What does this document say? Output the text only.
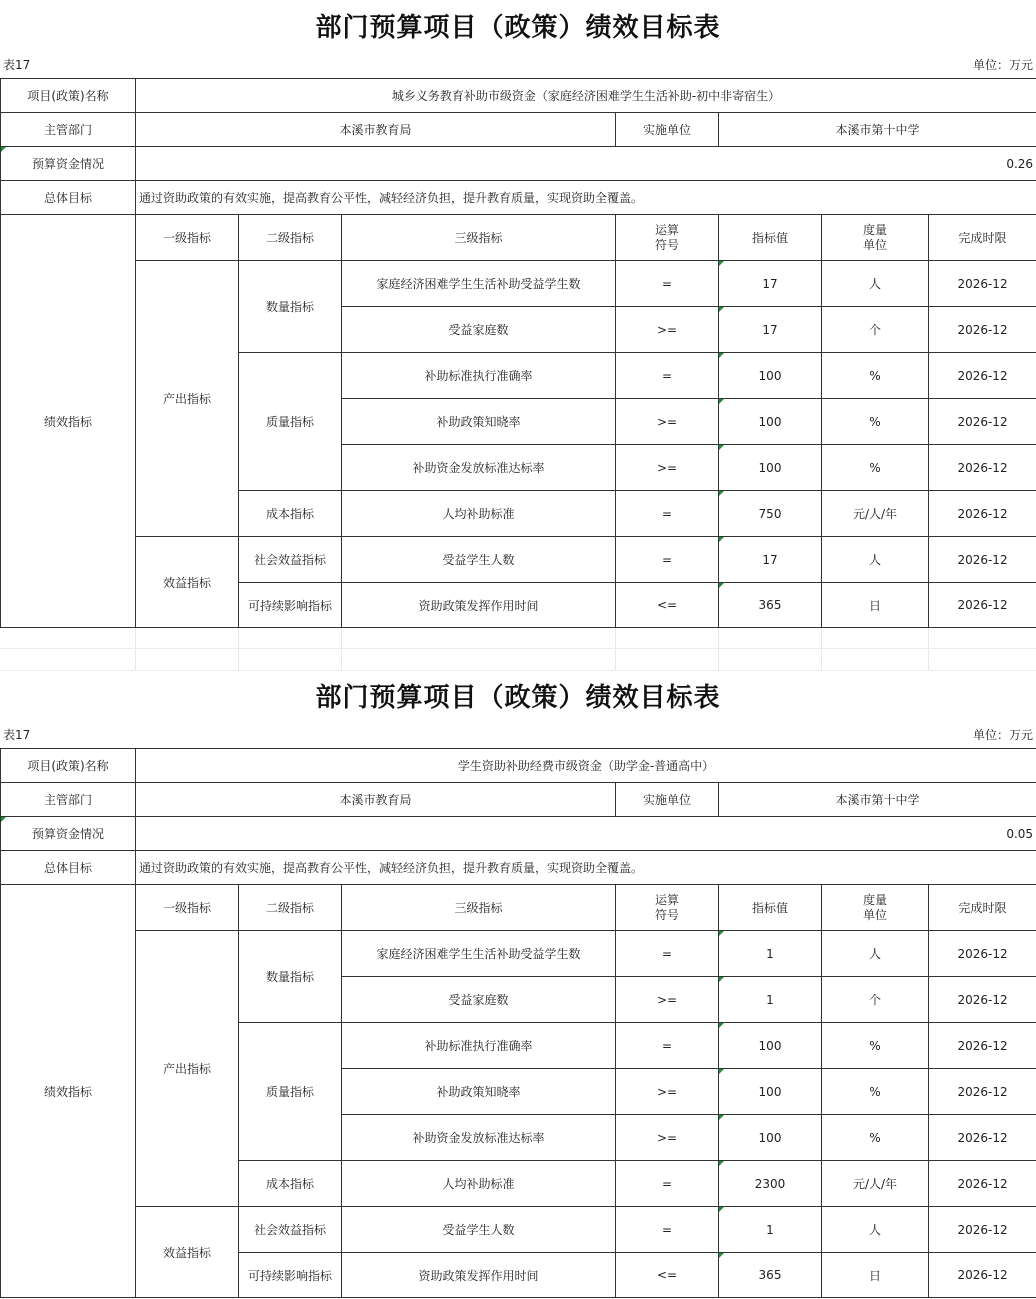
部门预算项目（政策）绩效目标表
表17	单位：万元
项目(政策)名称	城乡义务教育补助市级资金（家庭经济困难学生生活补助-初中非寄宿生）						
主管部门	本溪市教育局			实施单位	本溪市第十中学		
预算资金情况	0.26						
总体目标	通过资助政策的有效实施，提高教育公平性，减轻经济负担，提升教育质量，实现资助全覆盖。						
绩效指标	一级指标	二级指标	三级指标	运算符号	指标值	度量单位	完成时限
	产出指标	数量指标	家庭经济困难学生生活补助受益学生数	=	17	人	2026-12
			受益家庭数	>=	17	个	2026-12
		质量指标	补助标准执行准确率	=	100	%	2026-12
			补助政策知晓率	>=	100	%	2026-12
			补助资金发放标准达标率	>=	100	%	2026-12
		成本指标	人均补助标准	=	750	元/人/年	2026-12
	效益指标	社会效益指标	受益学生人数	=	17	人	2026-12
		可持续影响指标	资助政策发挥作用时间	<=	365	日	2026-12
部门预算项目（政策）绩效目标表
表17	单位：万元
项目(政策)名称	学生资助补助经费市级资金（助学金-普通高中）						
主管部门	本溪市教育局			实施单位	本溪市第十中学		
预算资金情况	0.05						
总体目标	通过资助政策的有效实施，提高教育公平性，减轻经济负担，提升教育质量，实现资助全覆盖。						
绩效指标	一级指标	二级指标	三级指标	运算符号	指标值	度量单位	完成时限
	产出指标	数量指标	家庭经济困难学生生活补助受益学生数	=	1	人	2026-12
			受益家庭数	>=	1	个	2026-12
		质量指标	补助标准执行准确率	=	100	%	2026-12
			补助政策知晓率	>=	100	%	2026-12
			补助资金发放标准达标率	>=	100	%	2026-12
		成本指标	人均补助标准	=	2300	元/人/年	2026-12
	效益指标	社会效益指标	受益学生人数	=	1	人	2026-12
		可持续影响指标	资助政策发挥作用时间	<=	365	日	2026-12
